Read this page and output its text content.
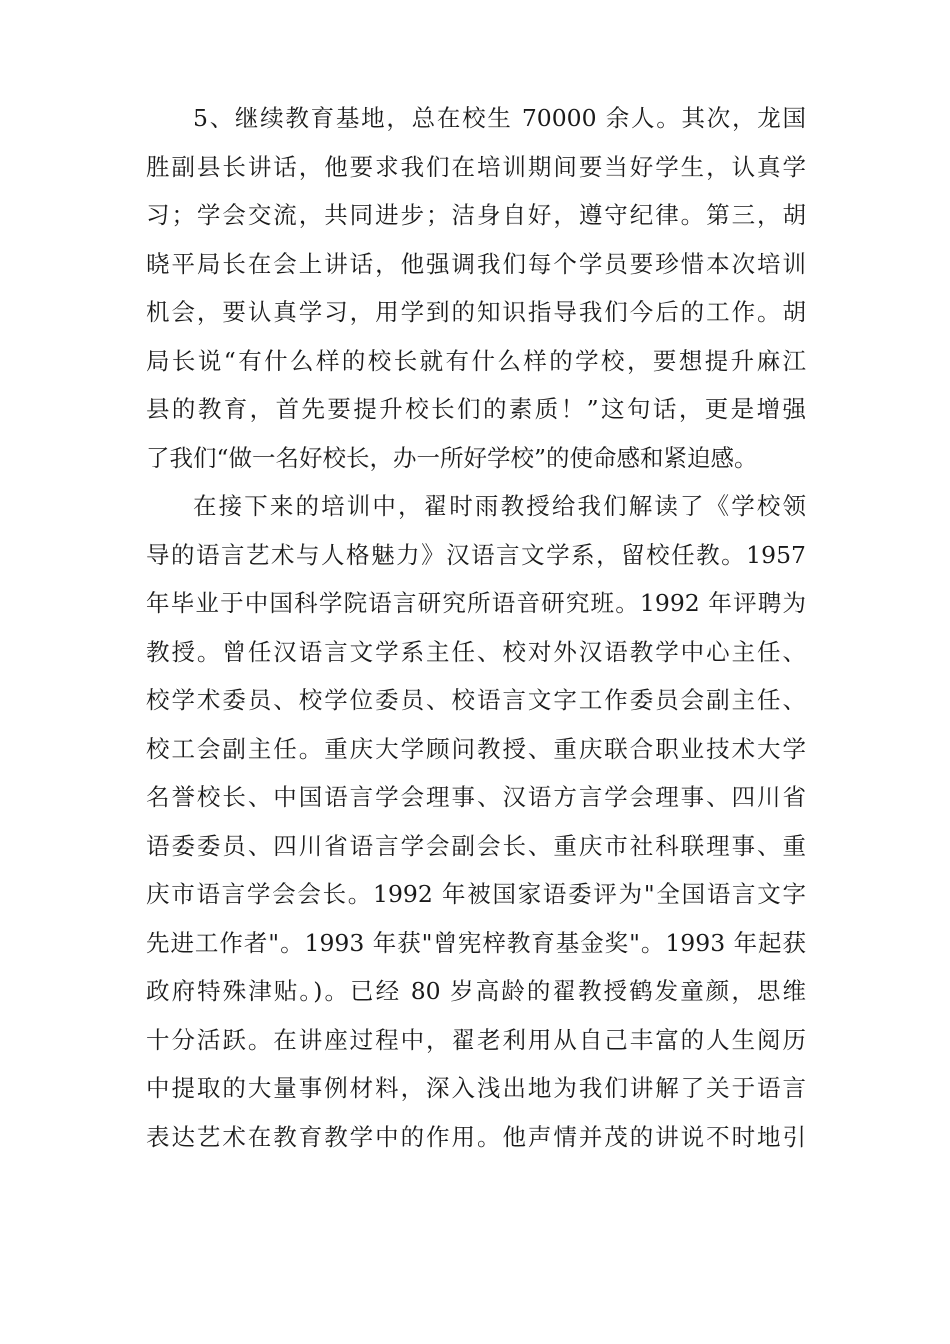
5、继续教育基地，总在校生 70000 余人。其次，龙国
胜副县长讲话，他要求我们在培训期间要当好学生，认真学
习；学会交流，共同进步；洁身自好，遵守纪律。第三，胡
晓平局长在会上讲话，他强调我们每个学员要珍惜本次培训
机会，要认真学习，用学到的知识指导我们今后的工作。胡
局长说“有什么样的校长就有什么样的学校，要想提升麻江
县的教育，首先要提升校长们的素质！”这句话，更是增强
了我们“做一名好校长，办一所好学校”的使命感和紧迫感。
在接下来的培训中，翟时雨教授给我们解读了《学校领
导的语言艺术与人格魅力》汉语言文学系，留校任教。1957
年毕业于中国科学院语言研究所语音研究班。1992 年评聘为
教授。曾任汉语言文学系主任、校对外汉语教学中心主任、
校学术委员、校学位委员、校语言文字工作委员会副主任、
校工会副主任。重庆大学顾问教授、重庆联合职业技术大学
名誉校长、中国语言学会理事、汉语方言学会理事、四川省
语委委员、四川省语言学会副会长、重庆市社科联理事、重
庆市语言学会会长。1992 年被国家语委评为"全国语言文字
先进工作者"。1993 年获"曾宪梓教育基金奖"。1993 年起获
政府特殊津贴。)。已经 80 岁高龄的翟教授鹤发童颜，思维
十分活跃。在讲座过程中，翟老利用从自己丰富的人生阅历
中提取的大量事例材料，深入浅出地为我们讲解了关于语言
表达艺术在教育教学中的作用。他声情并茂的讲说不时地引
